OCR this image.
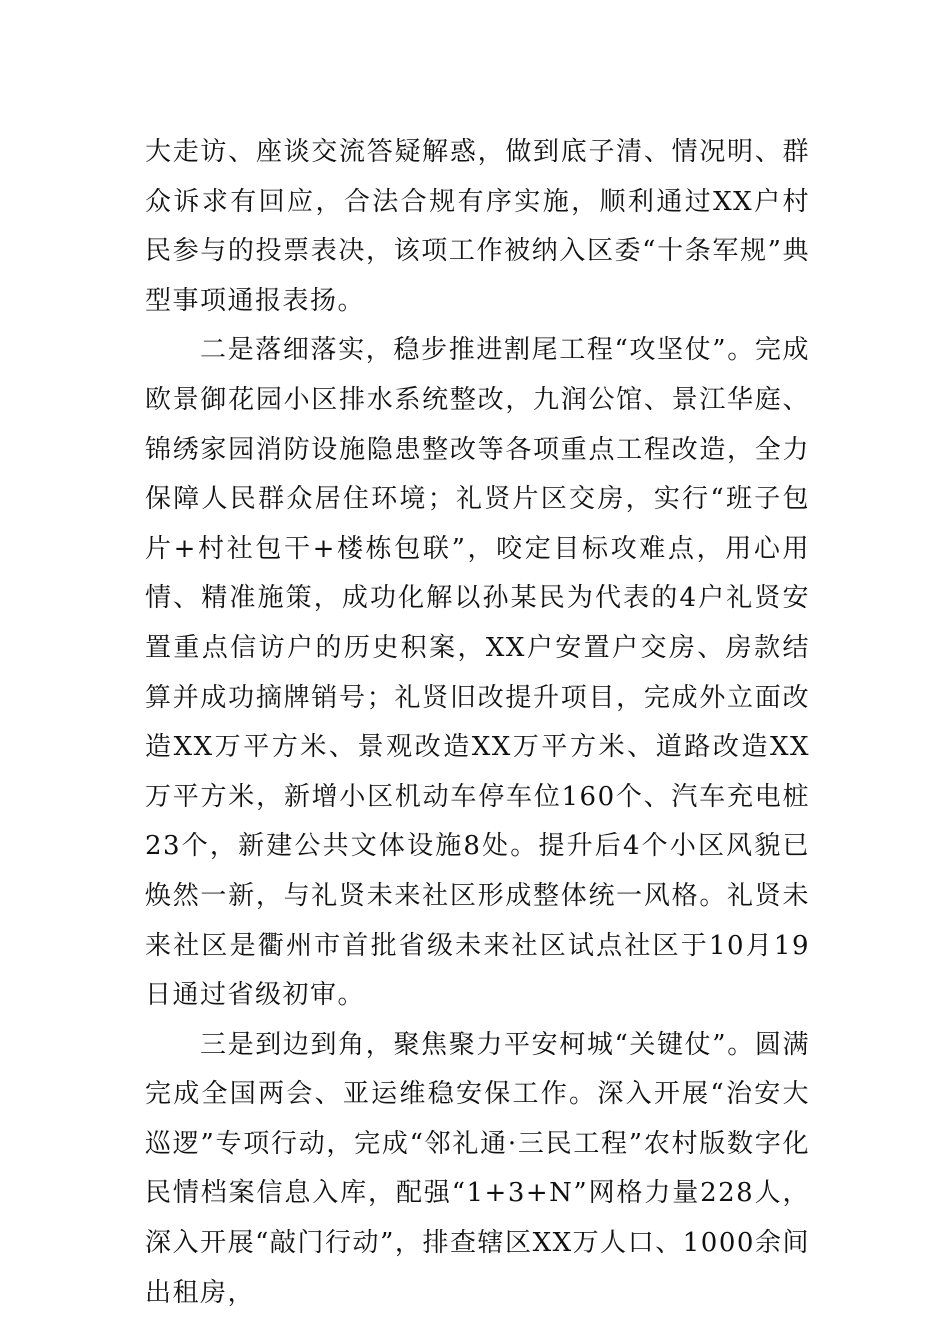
大走访、座谈交流答疑解惑，做到底子清、情况明、群众诉求有回应，合法合规有序实施，顺利通过XX户村民参与的投票表决，该项工作被纳入区委“十条军规”典型事项通报表扬。

二是落细落实，稳步推进割尾工程“攻坚仗”。完成欧景御花园小区排水系统整改，九润公馆、景江华庭、锦绣家园消防设施隐患整改等各项重点工程改造，全力保障人民群众居住环境；礼贤片区交房，实行“班子包片+村社包干+楼栋包联”，咬定目标攻难点，用心用情、精准施策，成功化解以孙某民为代表的4户礼贤安置重点信访户的历史积案，XX户安置户交房、房款结算并成功摘牌销号；礼贤旧改提升项目，完成外立面改造XX万平方米、景观改造XX万平方米、道路改造XX万平方米，新增小区机动车停车位160个、汽车充电桩23个，新建公共文体设施8处。提升后4个小区风貌已焕然一新，与礼贤未来社区形成整体统一风格。礼贤未来社区是衢州市首批省级未来社区试点社区于10月19日通过省级初审。

三是到边到角，聚焦聚力平安柯城“关键仗”。圆满完成全国两会、亚运维稳安保工作。深入开展“治安大巡逻”专项行动，完成“邻礼通·三民工程”农村版数字化民情档案信息入库，配强“1+3+N”网格力量228人，深入开展“敲门行动”，排查辖区XX万人口、1000余间出租房，
